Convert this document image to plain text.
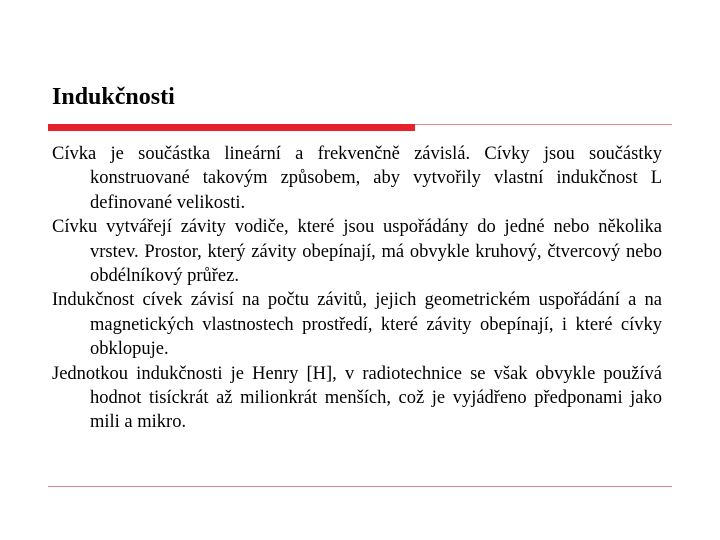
Indukčnosti

Cívka je součástka lineární a frekvenčně závislá. Cívky jsou součástky konstruované takovým způsobem, aby vytvořily vlastní indukčnost L definované velikosti.

Cívku vytvářejí závity vodiče, které jsou uspořádány do jedné nebo několika vrstev. Prostor, který závity obepínají, má obvykle kruhový, čtvercový nebo obdélníkový průřez.

Indukčnost cívek závisí na počtu závitů, jejich geometrickém uspořádání a na magnetických vlastnostech prostředí, které závity obepínají, i které cívky obklopuje.

Jednotkou indukčnosti je Henry [H], v radiotechnice se však obvykle používá hodnot tisíckrát až milionkrát menších, což je vyjádřeno předponami jako mili a mikro.
